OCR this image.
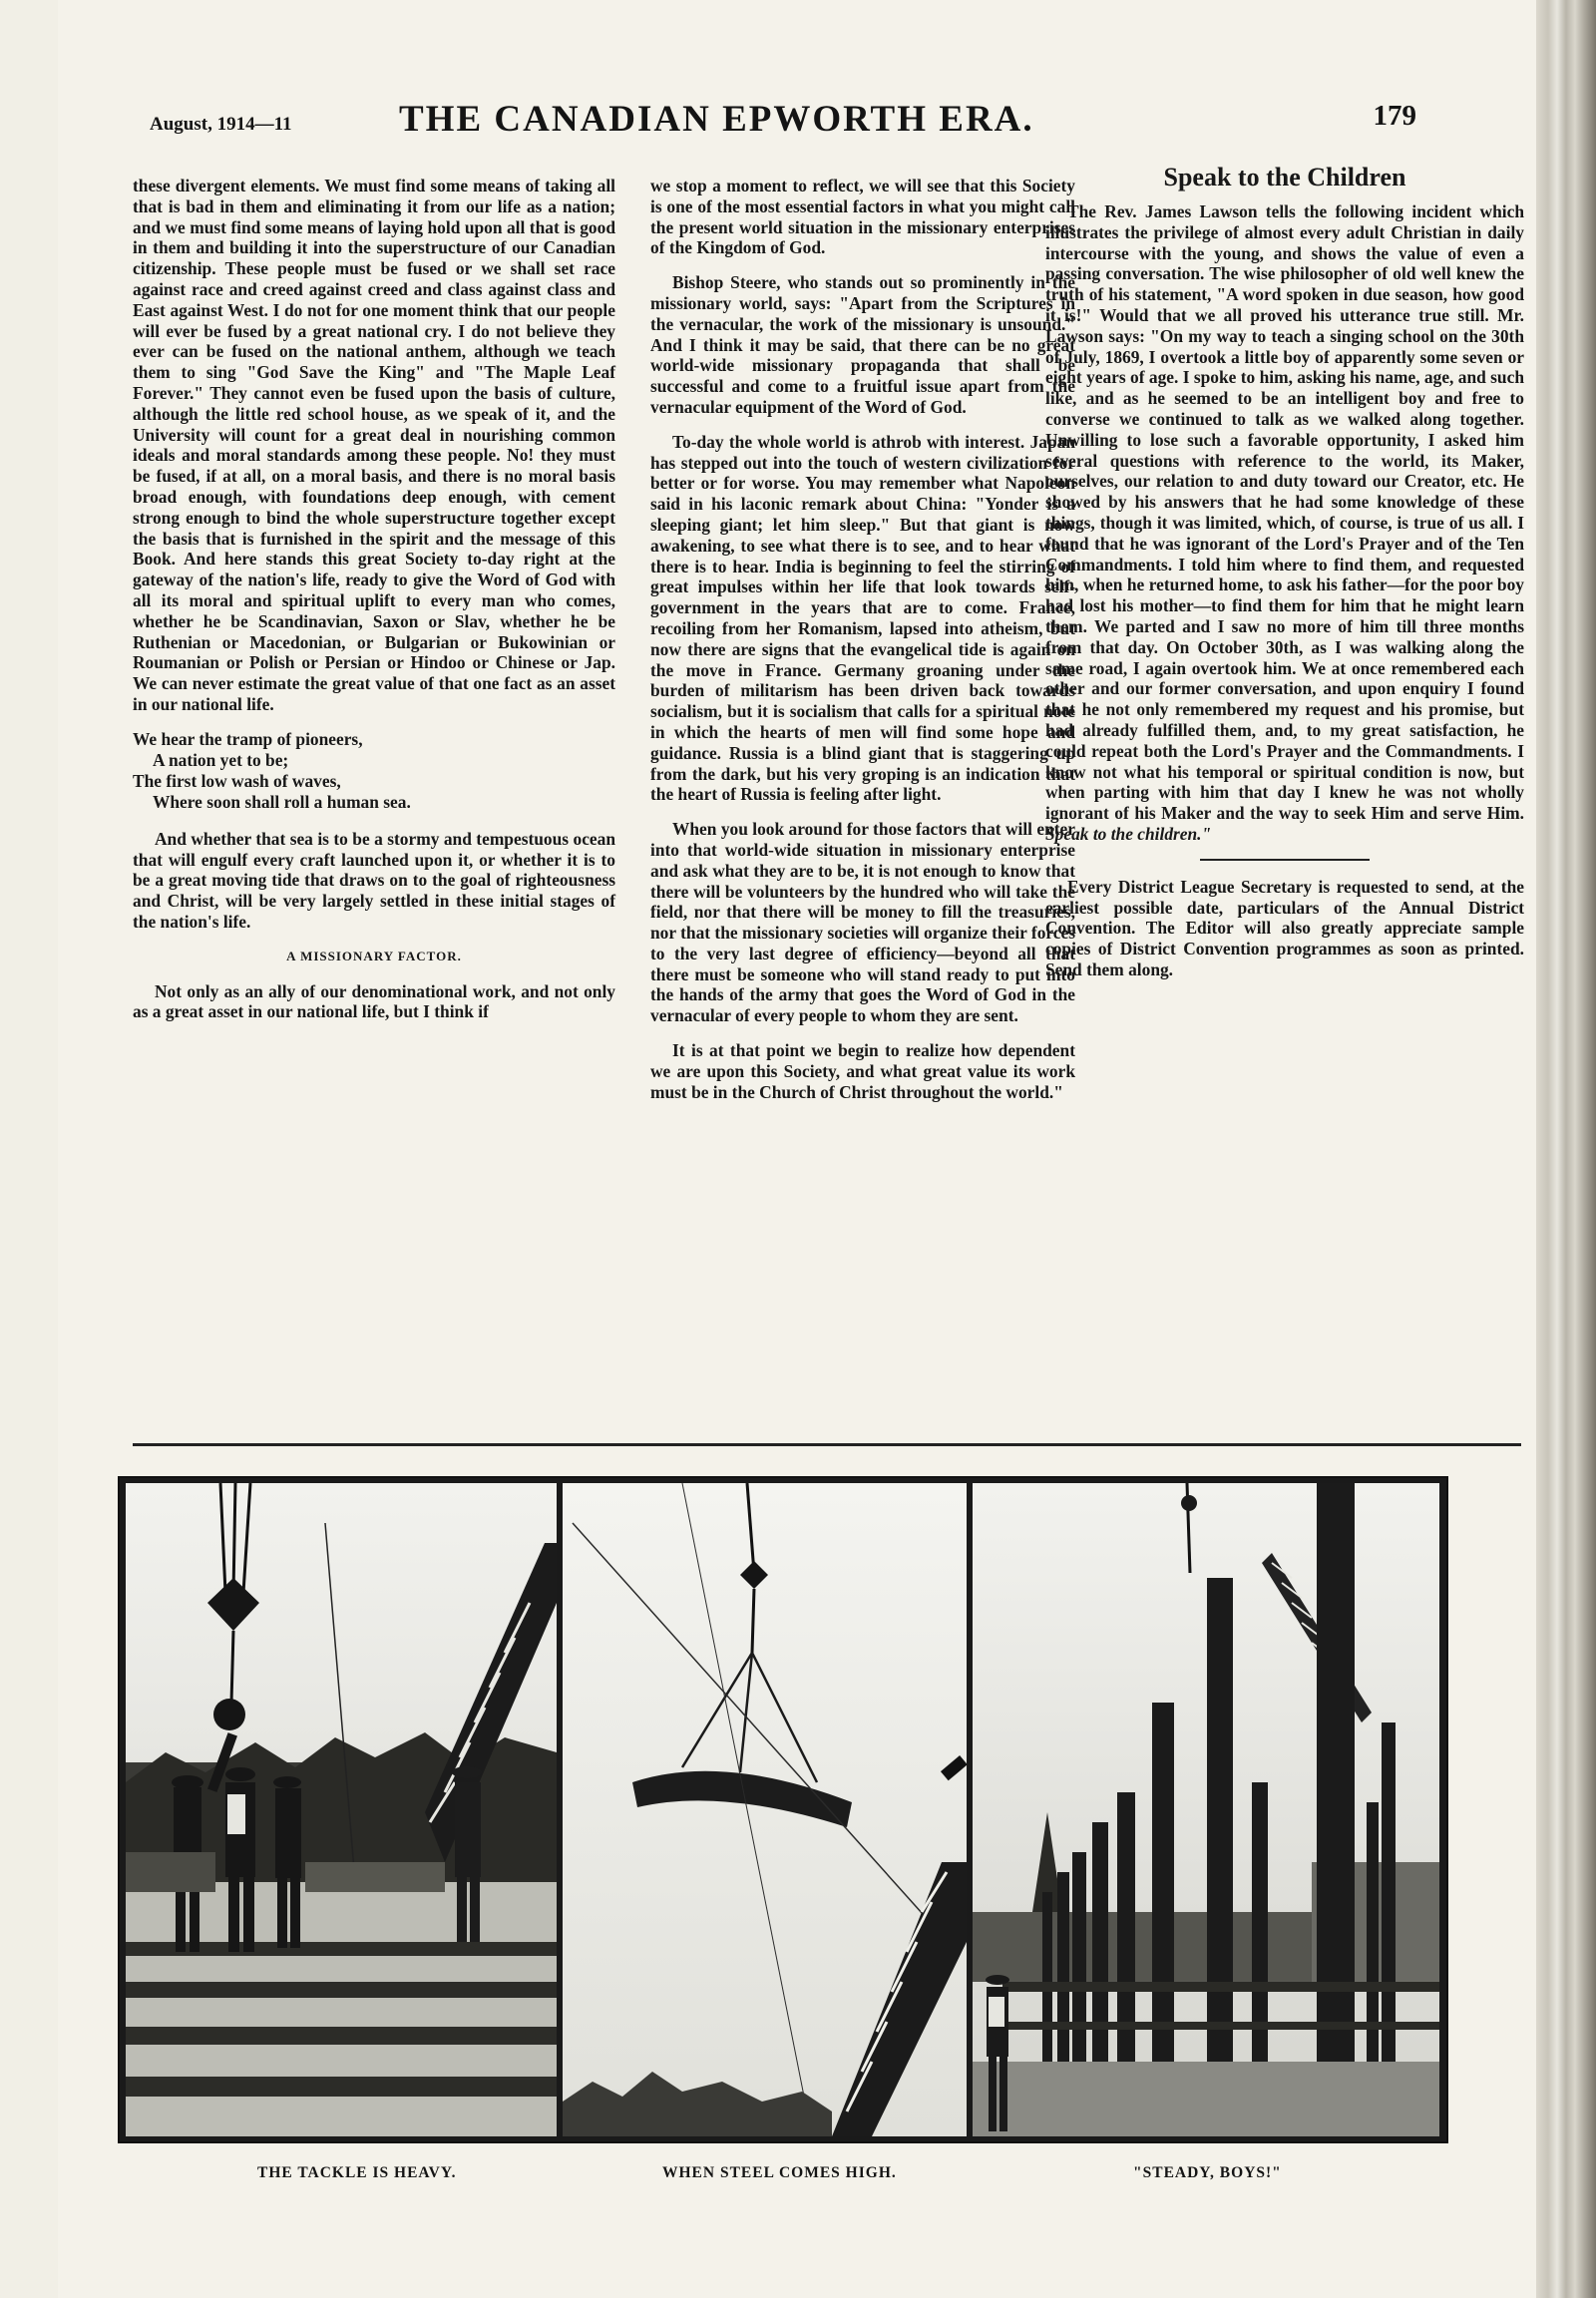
August, 1914—11	THE CANADIAN EPWORTH ERA.	179

these divergent elements. We must find some means of taking all that is bad in them and eliminating it from our life as a nation; and we must find some means of laying hold upon all that is good in them and building it into the superstructure of our Canadian citizenship. These people must be fused or we shall set race against race and creed against creed and class against class and East against West. I do not for one moment think that our people will ever be fused by a great national cry. I do not believe they ever can be fused on the national anthem, although we teach them to sing "God Save the King" and "The Maple Leaf Forever." They cannot even be fused upon the basis of culture, although the little red school house, as we speak of it, and the University will count for a great deal in nourishing common ideals and moral standards among these people. No! they must be fused, if at all, on a moral basis, and there is no moral basis broad enough, with foundations deep enough, with cement strong enough to bind the whole superstructure together except the basis that is furnished in the spirit and the message of this Book. And here stands this great Society to-day right at the gateway of the nation's life, ready to give the Word of God with all its moral and spiritual uplift to every man who comes, whether he be Scandinavian, Saxon or Slav, whether he be Ruthenian or Macedonian, or Bulgarian or Bukowinian or Roumanian or Polish or Persian or Hindoo or Chinese or Jap. We can never estimate the great value of that one fact as an asset in our national life.

We hear the tramp of pioneers,
A nation yet to be;
The first low wash of waves,
Where soon shall roll a human sea.

And whether that sea is to be a stormy and tempestuous ocean that will engulf every craft launched upon it, or whether it is to be a great moving tide that draws on to the goal of righteousness and Christ, will be very largely settled in these initial stages of the nation's life.

A MISSIONARY FACTOR.

Not only as an ally of our denominational work, and not only as a great asset in our national life, but I think if

we stop a moment to reflect, we will see that this Society is one of the most essential factors in what you might call the present world situation in the missionary enterprises of the Kingdom of God.

Bishop Steere, who stands out so prominently in the missionary world, says: "Apart from the Scriptures in the vernacular, the work of the missionary is unsound." And I think it may be said, that there can be no great world-wide missionary propaganda that shall be successful and come to a fruitful issue apart from the vernacular equipment of the Word of God.

To-day the whole world is athrob with interest. Japan has stepped out into the touch of western civilization for better or for worse. You may remember what Napoleon said in his laconic remark about China: "Yonder is a sleeping giant; let him sleep." But that giant is now awakening, to see what there is to see, and to hear what there is to hear. India is beginning to feel the stirring of great impulses within her life that look towards self-government in the years that are to come. France, recoiling from her Romanism, lapsed into atheism, but now there are signs that the evangelical tide is again on the move in France. Germany groaning under the burden of militarism has been driven back towards socialism, but it is socialism that calls for a spiritual note in which the hearts of men will find some hope and guidance. Russia is a blind giant that is staggering up from the dark, but his very groping is an indication that the heart of Russia is feeling after light.

When you look around for those factors that will enter into that world-wide situation in missionary enterprise and ask what they are to be, it is not enough to know that there will be volunteers by the hundred who will take the field, nor that there will be money to fill the treasuries, nor that the missionary societies will organize their forces to the very last degree of efficiency—beyond all that there must be someone who will stand ready to put into the hands of the army that goes the Word of God in the vernacular of every people to whom they are sent.

It is at that point we begin to realize how dependent we are upon this Society, and what great value its work must be in the Church of Christ throughout the world."

Speak to the Children

The Rev. James Lawson tells the following incident which illustrates the privilege of almost every adult Christian in daily intercourse with the young, and shows the value of even a passing conversation. The wise philosopher of old well knew the truth of his statement, "A word spoken in due season, how good it is!" Would that we all proved his utterance true still. Mr. Lawson says: "On my way to teach a singing school on the 30th of July, 1869, I overtook a little boy of apparently some seven or eight years of age. I spoke to him, asking his name, age, and such like, and as he seemed to be an intelligent boy and free to converse we continued to talk as we walked along together. Unwilling to lose such a favorable opportunity, I asked him several questions with reference to the world, its Maker, ourselves, our relation to and duty toward our Creator, etc. He showed by his answers that he had some knowledge of these things, though it was limited, which, of course, is true of us all. I found that he was ignorant of the Lord's Prayer and of the Ten Commandments. I told him where to find them, and requested him, when he returned home, to ask his father—for the poor boy had lost his mother—to find them for him that he might learn them. We parted and I saw no more of him till three months from that day. On October 30th, as I was walking along the same road, I again overtook him. We at once remembered each other and our former conversation, and upon enquiry I found that he not only remembered my request and his promise, but had already fulfilled them, and, to my great satisfaction, he could repeat both the Lord's Prayer and the Commandments. I know not what his temporal or spiritual condition is now, but when parting with him that day I knew he was not wholly ignorant of his Maker and the way to seek Him and serve Him. Speak to the children."

Every District League Secretary is requested to send, at the earliest possible date, particulars of the Annual District Convention. The Editor will also greatly appreciate sample copies of District Convention programmes as soon as printed. Send them along.

THE TACKLE IS HEAVY.	WHEN STEEL COMES HIGH.	"STEADY, BOYS!"
